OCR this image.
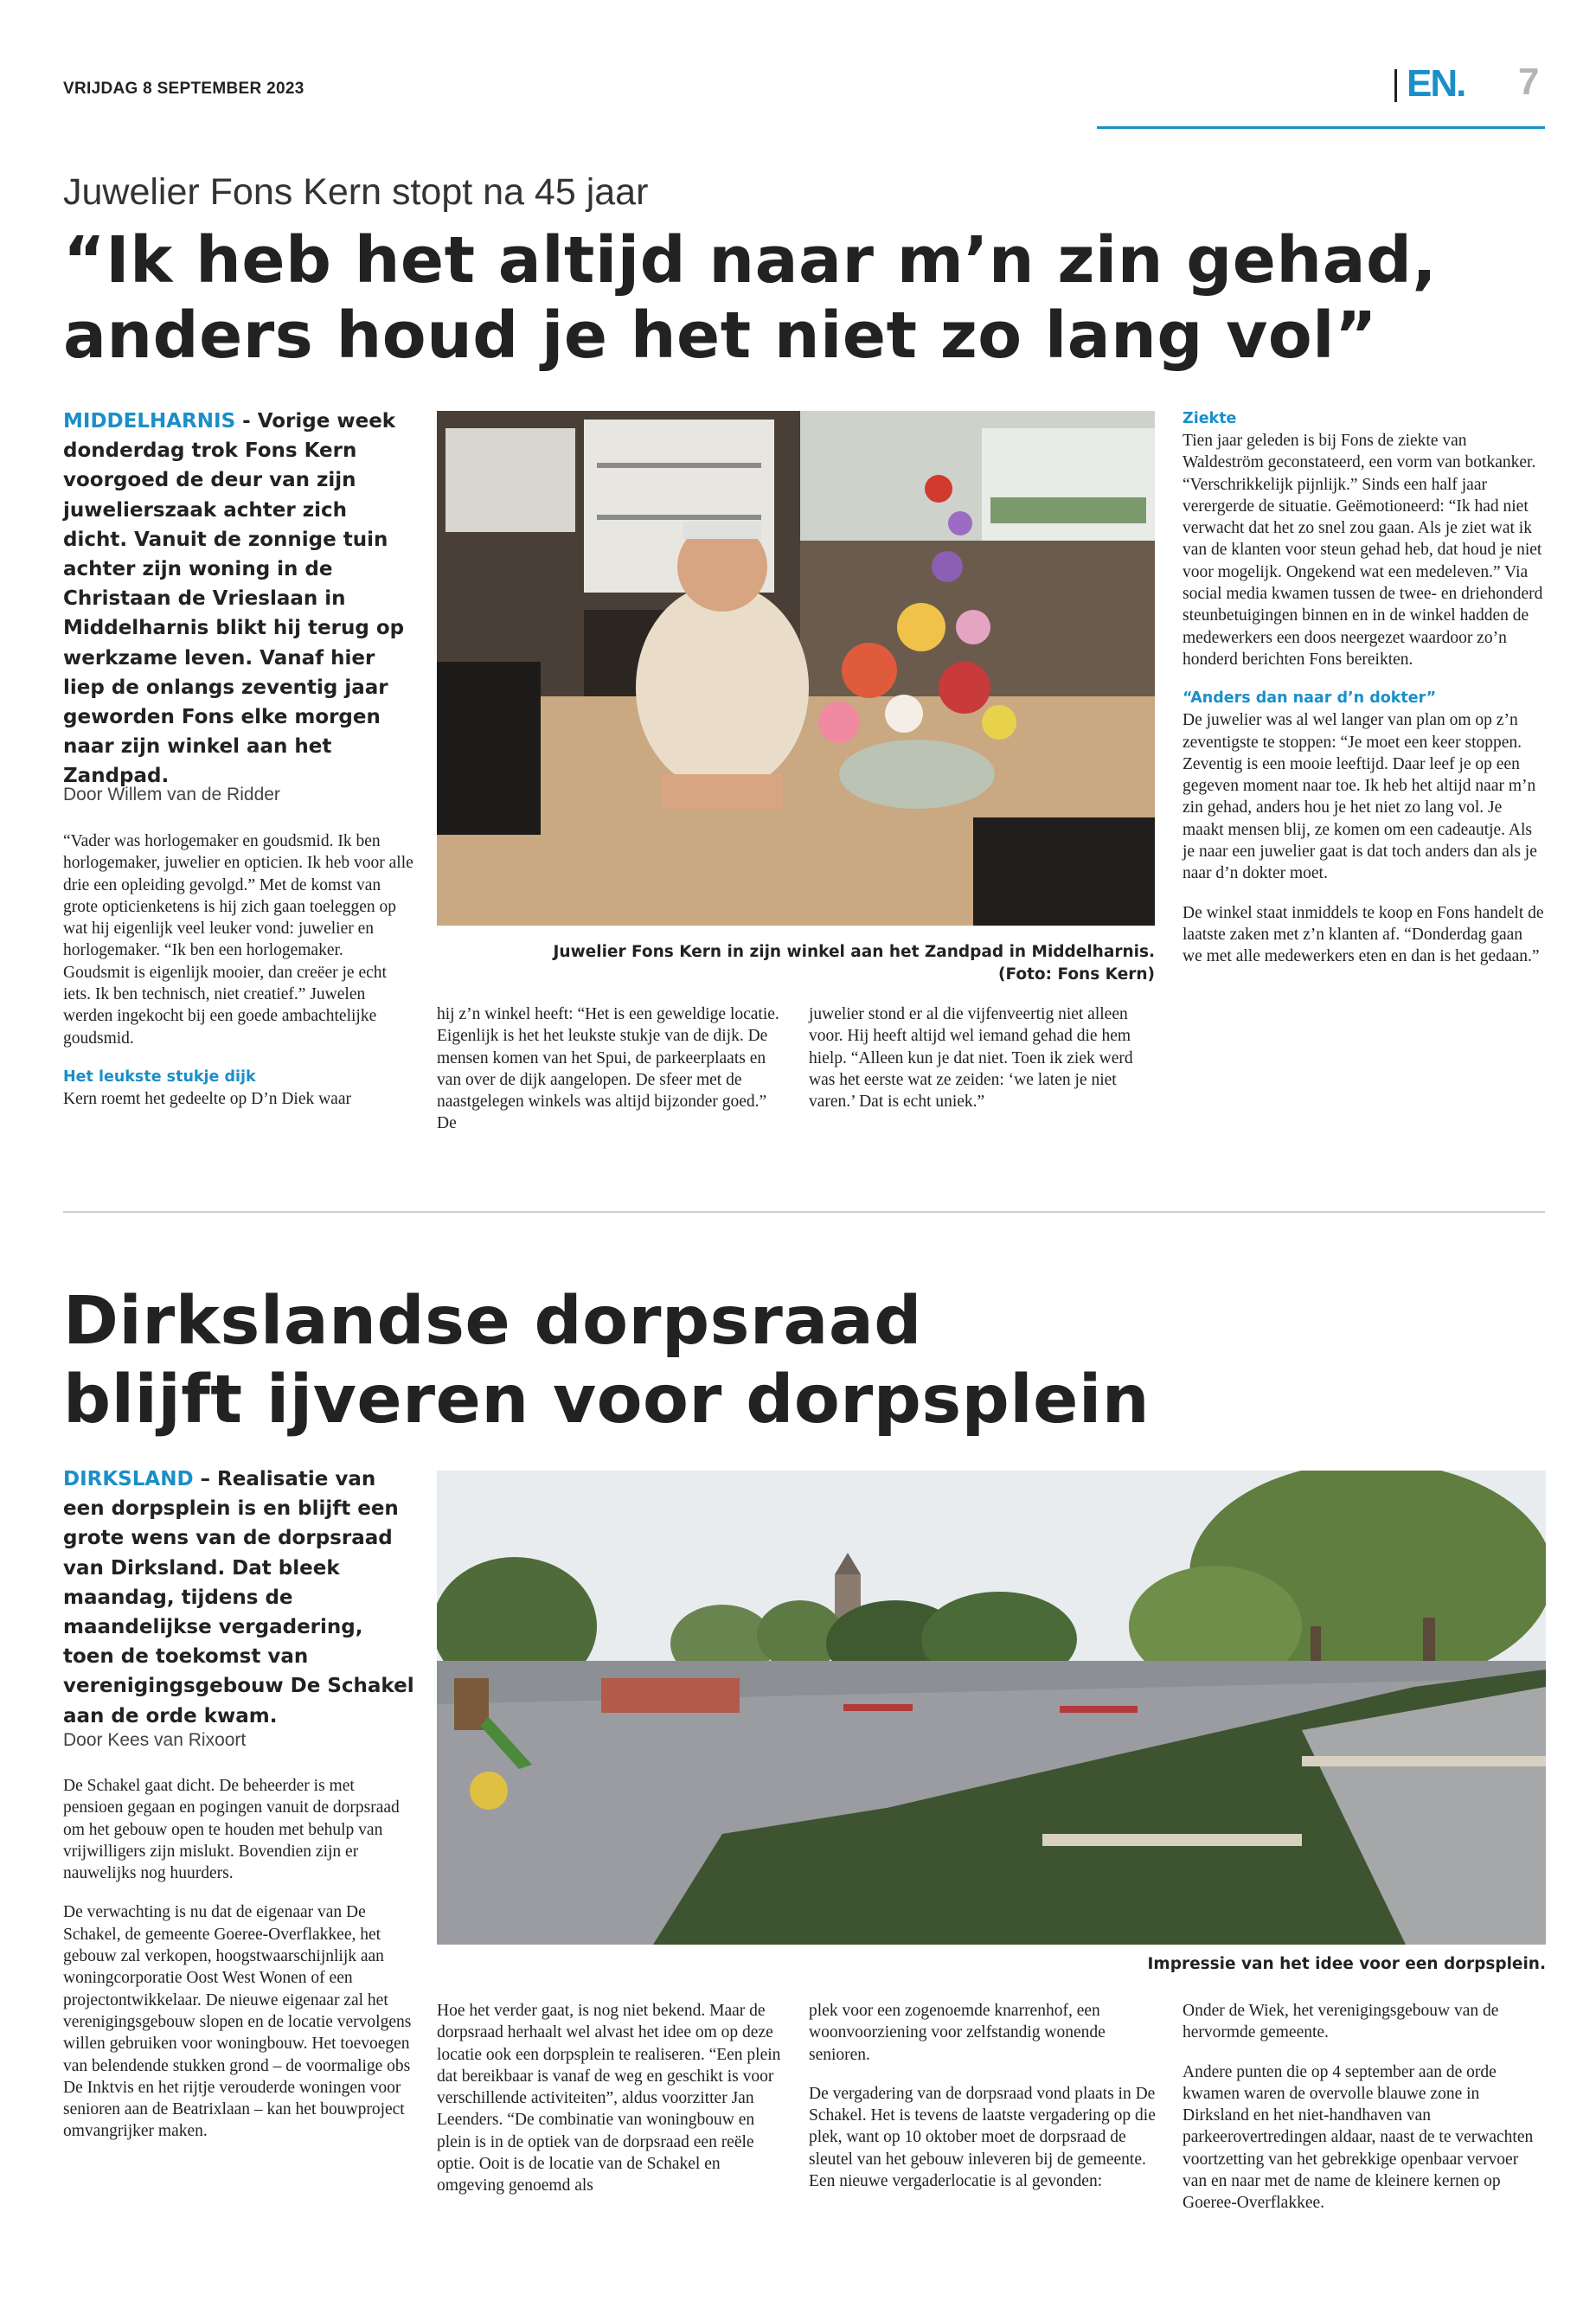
VRIJDAG 8 SEPTEMBER 2023	EN. 7
Juwelier Fons Kern stopt na 45 jaar
“Ik heb het altijd naar m’n zin gehad,
anders houd je het niet zo lang vol”
MIDDELHARNIS - Vorige week donderdag trok Fons Kern voorgoed de deur van zijn juwelierszaak achter zich dicht. Vanuit de zonnige tuin achter zijn woning in de Christaan de Vrieslaan in Middelharnis blikt hij terug op werkzame leven. Vanaf hier liep de onlangs zeventig jaar geworden Fons elke morgen naar zijn winkel aan het Zandpad.
Door Willem van de Ridder

“Vader was horlogemaker en goudsmid. Ik ben horlogemaker, juwelier en opticien. Ik heb voor alle drie een opleiding gevolgd.” Met de komst van grote opticienketens is hij zich gaan toeleggen op wat hij eigenlijk veel leuker vond: juwelier en horlogemaker. “Ik ben een horlogemaker. Goudsmit is eigenlijk mooier, dan creëer je echt iets. Ik ben technisch, niet creatief.” Juwelen werden ingekocht bij een goede ambachtelijke goudsmid.

Het leukste stukje dijk

Kern roemt het gedeelte op D’n Diek waar

Juwelier Fons Kern in zijn winkel aan het Zandpad in Middelharnis.
(Foto: Fons Kern)

hij z’n winkel heeft: “Het is een geweldige locatie. Eigenlijk is het het leukste stukje van de dijk. De mensen komen van het Spui, de parkeerplaats en van over de dijk aangelopen. De sfeer met de naastgelegen winkels was altijd bijzonder goed.” De

juwelier stond er al die vijfenveertig niet alleen voor. Hij heeft altijd wel iemand gehad die hem hielp. “Alleen kun je dat niet. Toen ik ziek werd was het eerste wat ze zeiden: ‘we laten je niet varen.’ Dat is echt uniek.”

Ziekte

Tien jaar geleden is bij Fons de ziekte van Waldeström geconstateerd, een vorm van botkanker. “Verschrikkelijk pijnlijk.” Sinds een half jaar verergerde de situatie. Geëmotioneerd: “Ik had niet verwacht dat het zo snel zou gaan. Als je ziet wat ik van de klanten voor steun gehad heb, dat houd je niet voor mogelijk. Ongekend wat een medeleven.” Via social media kwamen tussen de twee- en driehonderd steunbetuigingen binnen en in de winkel hadden de medewerkers een doos neergezet waardoor zo’n honderd berichten Fons bereikten.

“Anders dan naar d’n dokter”

De juwelier was al wel langer van plan om op z’n zeventigste te stoppen: “Je moet een keer stoppen. Zeventig is een mooie leeftijd. Daar leef je op een gegeven moment naar toe. Ik heb het altijd naar m’n zin gehad, anders hou je het niet zo lang vol. Je maakt mensen blij, ze komen om een cadeautje. Als je naar een juwelier gaat is dat toch anders dan als je naar d’n dokter moet.

De winkel staat inmiddels te koop en Fons handelt de laatste zaken met z’n klanten af. “Donderdag gaan we met alle medewerkers eten en dan is het gedaan.”

Dirkslandse dorpsraad
blijft ijveren voor dorpsplein
DIRKSLAND – Realisatie van een dorpsplein is en blijft een grote wens van de dorpsraad van Dirksland. Dat bleek maandag, tijdens de maandelijkse vergadering, toen de toekomst van verenigingsgebouw De Schakel aan de orde kwam.
Door Kees van Rixoort

De Schakel gaat dicht. De beheerder is met pensioen gegaan en pogingen vanuit de dorpsraad om het gebouw open te houden met behulp van vrijwilligers zijn mislukt. Bovendien zijn er nauwelijks nog huurders.

De verwachting is nu dat de eigenaar van De Schakel, de gemeente Goeree-Overflakkee, het gebouw zal verkopen, hoogstwaarschijnlijk aan woningcorporatie Oost West Wonen of een projectontwikkelaar. De nieuwe eigenaar zal het verenigingsgebouw slopen en de locatie vervolgens willen gebruiken voor woningbouw. Het toevoegen van belendende stukken grond – de voormalige obs De Inktvis en het rijtje verouderde woningen voor senioren aan de Beatrixlaan – kan het bouwproject omvangrijker maken.

Impressie van het idee voor een dorpsplein.

Hoe het verder gaat, is nog niet bekend. Maar de dorpsraad herhaalt wel alvast het idee om op deze locatie ook een dorpsplein te realiseren. “Een plein dat bereikbaar is vanaf de weg en geschikt is voor verschillende activiteiten”, aldus voorzitter Jan Leenders. “De combinatie van woningbouw en plein is in de optiek van de dorpsraad een reële optie. Ooit is de locatie van de Schakel en omgeving genoemd als

plek voor een zogenoemde knarrenhof, een woonvoorziening voor zelfstandig wonende senioren.

De vergadering van de dorpsraad vond plaats in De Schakel. Het is tevens de laatste vergadering op die plek, want op 10 oktober moet de dorpsraad de sleutel van het gebouw inleveren bij de gemeente. Een nieuwe vergaderlocatie is al gevonden:

Onder de Wiek, het verenigingsgebouw van de hervormde gemeente.

Andere punten die op 4 september aan de orde kwamen waren de overvolle blauwe zone in Dirksland en het niet-handhaven van parkeerovertredingen aldaar, naast de te verwachten voortzetting van het gebrekkige openbaar vervoer van en naar met de name de kleinere kernen op Goeree-Overflakkee.
